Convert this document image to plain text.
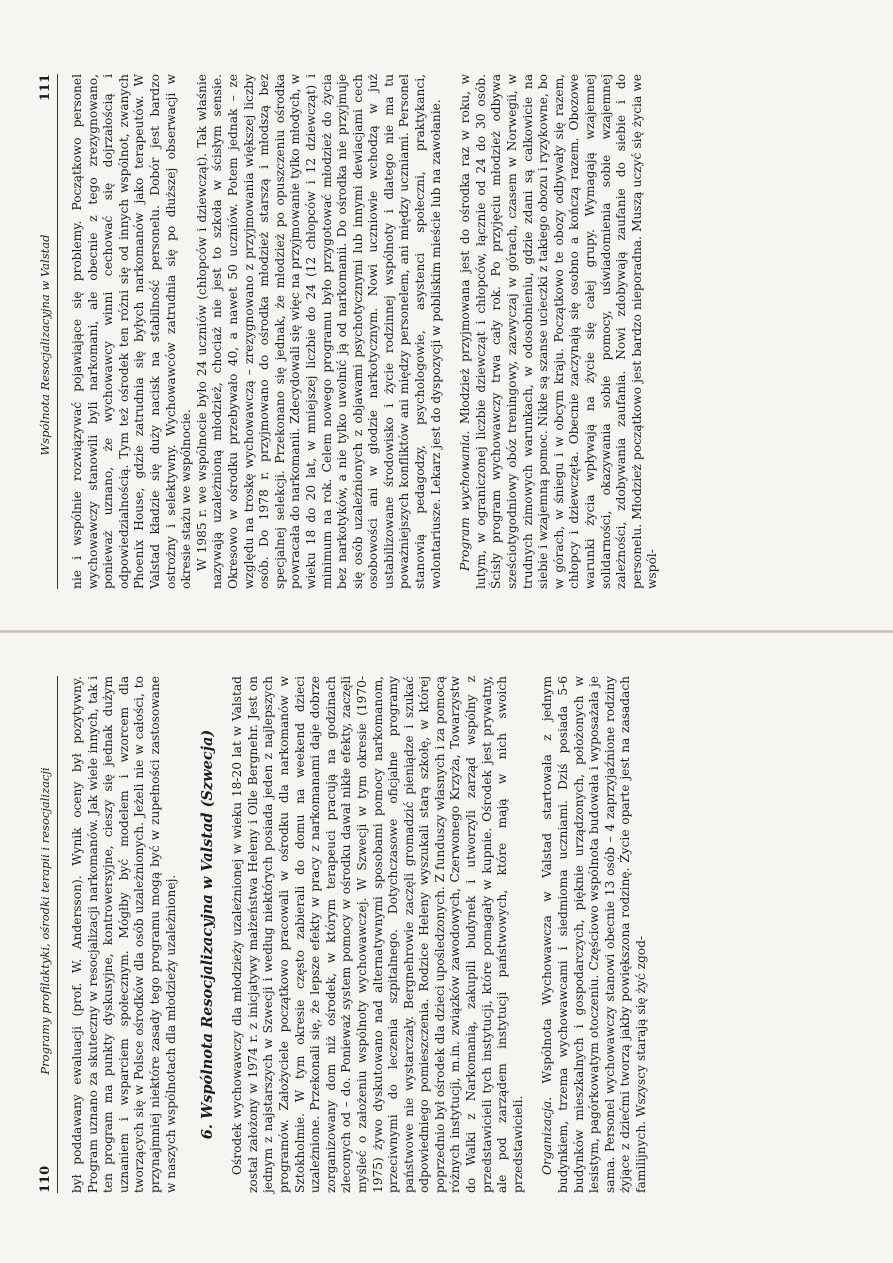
110
Programy profilaktyki, ośrodki terapii i resocjalizacji był poddawany ewaluacji (prof. W. Andersson). Wynik oceny był pozytywny. Program uznano za skuteczny w resocjalizacji narkomanów. Jak wiele innych, tak i ten program ma punkty dyskusyjne, kontrowersyjne, cieszy się jednak dużym uznaniem i wsparciem społecznym. Mógłby być modelem i wzorcem dla tworzących się w Polsce ośrodków dla osób uzależnionych. Jeżeli nie w całości, to przynajmniej niektóre zasady tego programu mogą być w zupełności zastosowane w naszych wspólnotach dla młodzieży uzależnionej. 6. Wspólnota Resocjalizacyjna w Valstad (Szwecja) Ośrodek wychowawczy dla młodzieży uzależnionej w wieku 18-20 lat w Valstad został założony w 1974 r. z inicjatywy małżeństwa Heleny i Olle Bergnehr. Jest on jednym z najstarszych w Szwecji i według niektórych posiada jeden z najlepszych programów. Założyciele początkowo pracowali w ośrodku dla narkomanów w Sztokholmie. W tym okresie często zabierali do domu na weekend dzieci uzależnione. Przekonali się, że lepsze efekty w pracy z narkomanami daje dobrze zorganizowany dom niż ośrodek, w którym terapeuci pracują na godzinach zleconych od – do. Ponieważ system pomocy w ośrodku dawał nikłe efekty, zaczęli myśleć o założeniu wspólnoty wychowawczej. W Szwecji w tym okresie (1970-1975) żywo dyskutowano nad alternatywnymi sposobami pomocy narkomanom, przeciwnymi do leczenia szpitalnego. Dotychczasowe oficjalne programy państwowe nie wystarczały. Bergnehrowie zaczęli gromadzić pieniądze i szukać odpowiedniego pomieszczenia. Rodzice Heleny wyszukali starą szkołę, w której poprzednio był ośrodek dla dzieci upośledzonych. Z funduszy własnych i za pomocą różnych instytucji, m.in. związków zawodowych, Czerwonego Krzyża, Towarzystw do Walki z Narkomanią, zakupili budynek i utworzyli zarząd wspólny z przedstawicieli tych instytucji, które pomagały w kupnie. Ośrodek jest prywatny, ale pod zarządem instytucji państwowych, które mają w nich swoich przedstawicieli. Organizacja. Wspólnota Wychowawcza w Valstad startowała z jednym budynkiem, trzema wychowawcami i siedmioma uczniami. Dziś posiada 5-6 budynków mieszkalnych i gospodarczych, pięknie urządzonych, położonych w lesistym, pagórkowatym otoczeniu. Częściowo wspólnota budowała i wyposażała je sama. Personel wychowawczy stanowi obecnie 13 osób – 4 zaprzyjaźnione rodziny żyjące z dziećmi tworzą jakby powiększona rodzinę. Życie oparte jest na zasadach familijnych. Wszyscy starają się żyć zgod-

Wspólnota Resocjalizacyjna w Valstad
111 nie i wspólnie rozwiązywać pojawiające się problemy. Początkowo personel wychowawczy stanowili byli narkomani, ale obecnie z tego zrezygnowano, ponieważ uznano, że wychowawcy winni cechować się dojrzałością i odpowiedzialnością. Tym też ośrodek ten różni się od innych wspólnot, zwanych Phoenix House, gdzie zatrudnia się byłych narkomanów jako terapeutów. W Valstad kładzie się duży nacisk na stabilność personelu. Dobór jest bardzo ostrożny i selektywny. Wychowawców zatrudnia się po dłuższej obserwacji w okresie stażu we wspólnocie. W 1985 r. we wspólnocie było 24 uczniów (chłopców i dziewcząt). Tak właśnie nazywają uzależnioną młodzież, chociaż nie jest to szkoła w ścisłym sensie. Okresowo w ośrodku przebywało 40, a nawet 50 uczniów. Potem jednak – ze względu na troskę wychowawczą – zrezygnowano z przyjmowania większej liczby osób. Do 1978 r. przyjmowano do ośrodka młodzież starszą i młodszą bez specjalnej selekcji. Przekonano się jednak, że młodzież po opuszczeniu ośrodka powracała do narkomanii. Zdecydowali się więc na przyjmowanie tylko młodych, w wieku 18 do 20 lat, w mniejszej liczbie do 24 (12 chłopców i 12 dziewcząt) i minimum na rok. Celem nowego programu było przygotować młodzież do życia bez narkotyków, a nie tylko uwolnić ją od narkomanii. Do ośrodka nie przyjmuje się osób uzależnionych z objawami psychotycznymi lub innymi dewiacjami cech osobowości ani w głodzie narkotycznym. Nowi uczniowie wchodzą w już ustabilizowane środowisko i życie rodzinnej wspólnoty i dlatego nie ma tu poważniejszych konfliktów ani między personelem, ani między uczniami. Personel stanowią pedagodzy, psychologowie, asystenci społeczni, praktykanci, wolontariusze. Lekarz jest do dyspozycji w pobliskim mieście lub na zawołanie. Program wychowania. Młodzież przyjmowana jest do ośrodka raz w roku, w lutym, w ograniczonej liczbie dziewcząt i chłopców, łącznie od 24 do 30 osób. Ścisły program wychowawczy trwa cały rok. Po przyjęciu młodzież odbywa sześciotygodniowy obóz treningowy, zazwyczaj w górach, czasem w Norwegii, w trudnych zimowych warunkach, w odosobnieniu, gdzie zdani są całkowicie na siebie i wzajemną pomoc. Nikłe są szanse ucieczki z takiego obozu i ryzykowne, bo w górach, w śniegu i w obcym kraju. Początkowo te obozy odbywały się razem, chłopcy i dziewczęta. Obecnie zaczynają się osobno a kończą razem. Obozowe warunki życia wpływają na życie się całej grupy. Wymagają wzajemnej solidarności, okazywania sobie pomocy, uświadomienia sobie wzajemnej zależności, zdobywania zaufania. Nowi zdobywają zaufanie do siebie i do personelu. Młodzież początkowo jest bardzo nieporadna. Muszą uczyć się życia we wspól-
